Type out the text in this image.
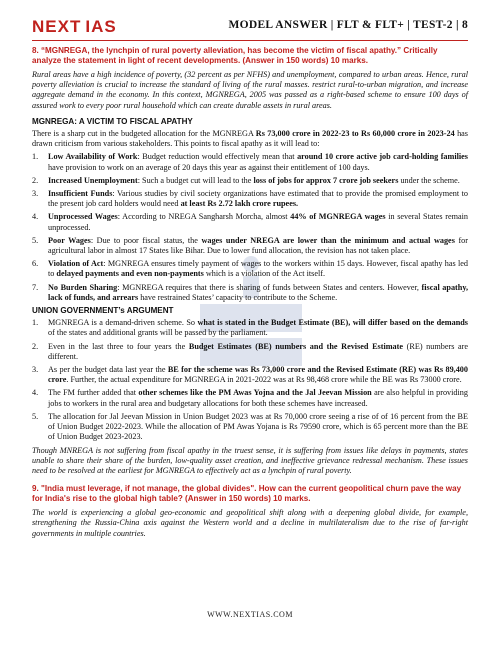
NEXT IAS	MODEL ANSWER | FLT & FLT+ | TEST-2 | 8
8. “MGNREGA, the lynchpin of rural poverty alleviation, has become the victim of fiscal apathy.” Critically analyze the statement in light of recent developments. (Answer in 150 words) 10 marks.
Rural areas have a high incidence of poverty, (32 percent as per NFHS) and unemployment, compared to urban areas. Hence, rural poverty alleviation is crucial to increase the standard of living of the rural masses. restrict rural-to-urban migration, and increase aggregate demand in the economy. In this context, MGNREGA, 2005 was passed as a right-based scheme to ensure 100 days of assured work to every poor rural household which can create durable assets in rural areas.
MGNREGA: A VICTIM TO FISCAL APATHY

There is a sharp cut in the budgeted allocation for the MGNREGA Rs 73,000 crore in 2022-23 to Rs 60,000 crore in 2023-24 has drawn criticism from various stakeholders. This points to fiscal apathy as it will lead to:

1. Low Availability of Work: Budget reduction would effectively mean that around 10 crore active job card-holding families have provision to work on an average of 20 days this year as against their entitlement of 100 days.
2. Increased Unemployment: Such a budget cut will lead to the loss of jobs for approx 7 crore job seekers under the scheme.
3. Insufficient Funds: Various studies by civil society organizations have estimated that to provide the promised employment to the present job card holders would need at least Rs 2.72 lakh crore rupees.
4. Unprocessed Wages: According to NREGA Sangharsh Morcha, almost 44% of MGNREGA wages in several States remain unprocessed.
5. Poor Wages: Due to poor fiscal status, the wages under NREGA are lower than the minimum and actual wages for agricultural labor in almost 17 States like Bihar. Due to lower fund allocation, the revision has not taken place.
6. Violation of Act: MGNREGA ensures timely payment of wages to the workers within 15 days. However, fiscal apathy has led to delayed payments and even non-payments which is a violation of the Act itself.
7. No Burden Sharing: MGNREGA requires that there is sharing of funds between States and centers. However, fiscal apathy, lack of funds, and arrears have restrained States’ capacity to contribute to the Scheme.
UNION GOVERNMENT’s ARGUMENT
1. MGNREGA is a demand-driven scheme. So what is stated in the Budget Estimate (BE), will differ based on the demands of the states and additional grants will be passed by the parliament.
2. Even in the last three to four years the Budget Estimates (BE) numbers and the Revised Estimate (RE) numbers are different.
3. As per the budget data last year the BE for the scheme was Rs 73,000 crore and the Revised Estimate (RE) was Rs 89,400 crore. Further, the actual expenditure for MGNREGA in 2021-2022 was at Rs 98,468 crore while the BE was Rs 73000 crore.
4. The FM further added that other schemes like the PM Awas Yojna and the Jal Jeevan Mission are also helpful in providing jobs to workers in the rural area and budgetary allocations for both these schemes have increased.
5. The allocation for Jal Jeevan Mission in Union Budget 2023 was at Rs 70,000 crore seeing a rise of of 16 percent from the BE of Union Budget 2022-2023. While the allocation of PM Awas Yojana is Rs 79590 crore, which is 65 percent more than the BE of Union Budget 2023-2023.
Though MNREGA is not suffering from fiscal apathy in the truest sense, it is suffering from issues like delays in payments, states unable to share their share of the burden, low-quality asset creation, and ineffective grievance redressal mechanism. These issues need to be resolved at the earliest for MGNREGA to effectively act as a lynchpin of rural poverty.
9. "India must leverage, if not manage, the global divides". How can the current geopolitical churn pave the way for India's rise to the global high table? (Answer in 150 words) 10 marks.
The world is experiencing a global geo-economic and geopolitical shift along with a deepening global divide, for example, strengthening the Russia-China axis against the Western world and a decline in multilateralism due to the rise of far-right governments in multiple countries.
WWW.NEXTIAS.COM
